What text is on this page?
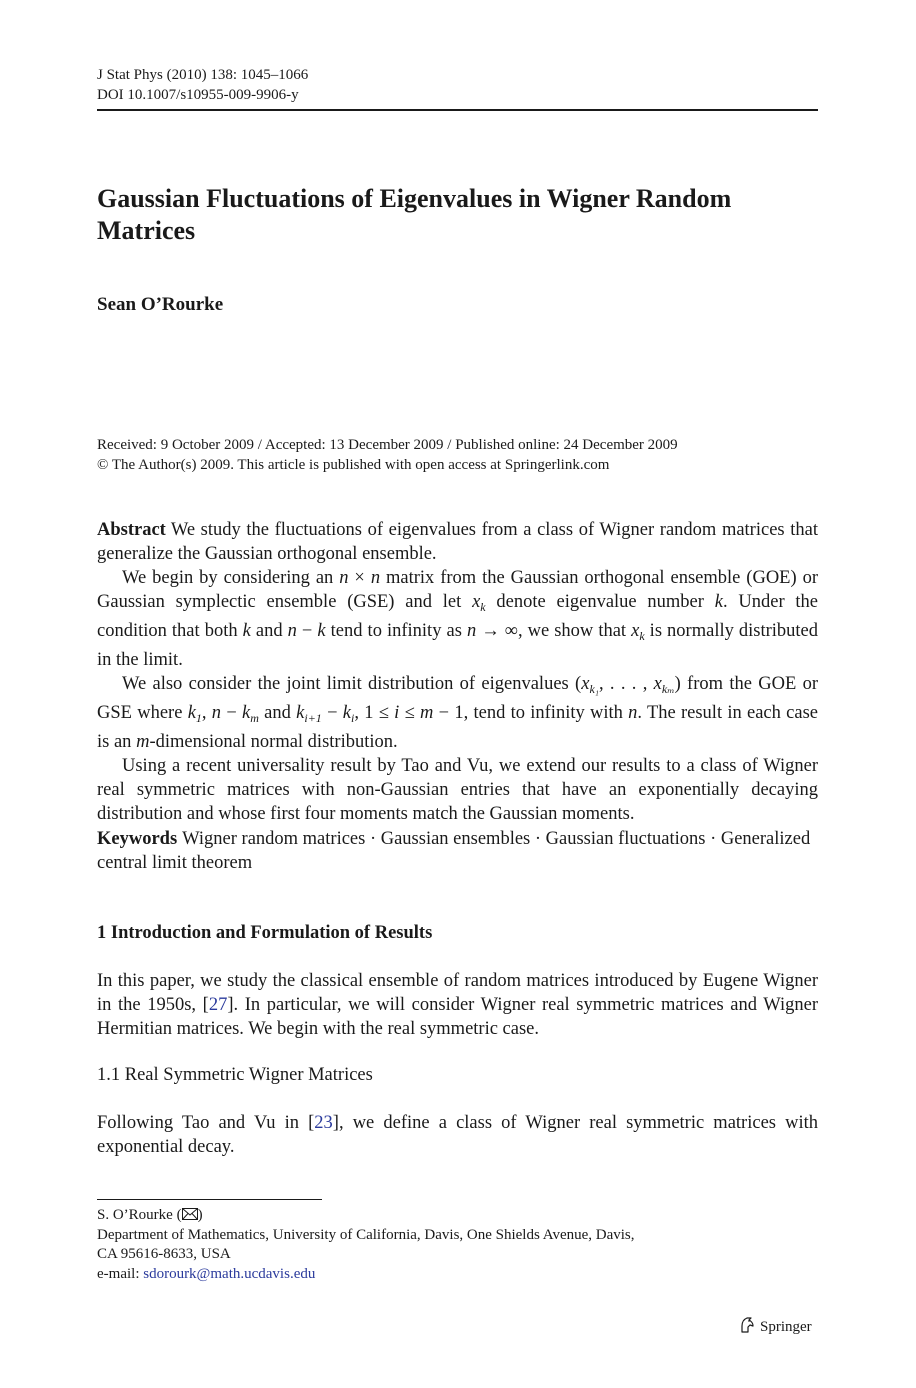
J Stat Phys (2010) 138: 1045–1066
DOI 10.1007/s10955-009-9906-y
Gaussian Fluctuations of Eigenvalues in Wigner Random Matrices
Sean O’Rourke
Received: 9 October 2009 / Accepted: 13 December 2009 / Published online: 24 December 2009
© The Author(s) 2009. This article is published with open access at Springerlink.com

Abstract We study the fluctuations of eigenvalues from a class of Wigner random matrices that generalize the Gaussian orthogonal ensemble.

We begin by considering an n × n matrix from the Gaussian orthogonal ensemble (GOE) or Gaussian symplectic ensemble (GSE) and let $x_k$ denote eigenvalue number k. Under the condition that both k and n − k tend to infinity as n → ∞, we show that $x_k$ is normally distributed in the limit.

We also consider the joint limit distribution of eigenvalues ($x_{k_1}$, . . . , $x_{k_m}$) from the GOE or GSE where $k_1$, $n - k_m$ and $k_{i+1} - k_i$, 1 ≤ i ≤ m − 1, tend to infinity with n. The result in each case is an m-dimensional normal distribution.

Using a recent universality result by Tao and Vu, we extend our results to a class of Wigner real symmetric matrices with non-Gaussian entries that have an exponentially decaying distribution and whose first four moments match the Gaussian moments.

Keywords Wigner random matrices · Gaussian ensembles · Gaussian fluctuations · Generalized central limit theorem
1 Introduction and Formulation of Results

In this paper, we study the classical ensemble of random matrices introduced by Eugene Wigner in the 1950s, [27]. In particular, we will consider Wigner real symmetric matrices and Wigner Hermitian matrices. We begin with the real symmetric case.

1.1 Real Symmetric Wigner Matrices

Following Tao and Vu in [23], we define a class of Wigner real symmetric matrices with exponential decay.

S. O’Rourke ( )
Department of Mathematics, University of California, Davis, One Shields Avenue, Davis,
CA 95616-8633, USA
e-mail: sdorourk@math.ucdavis.edu
Springer
